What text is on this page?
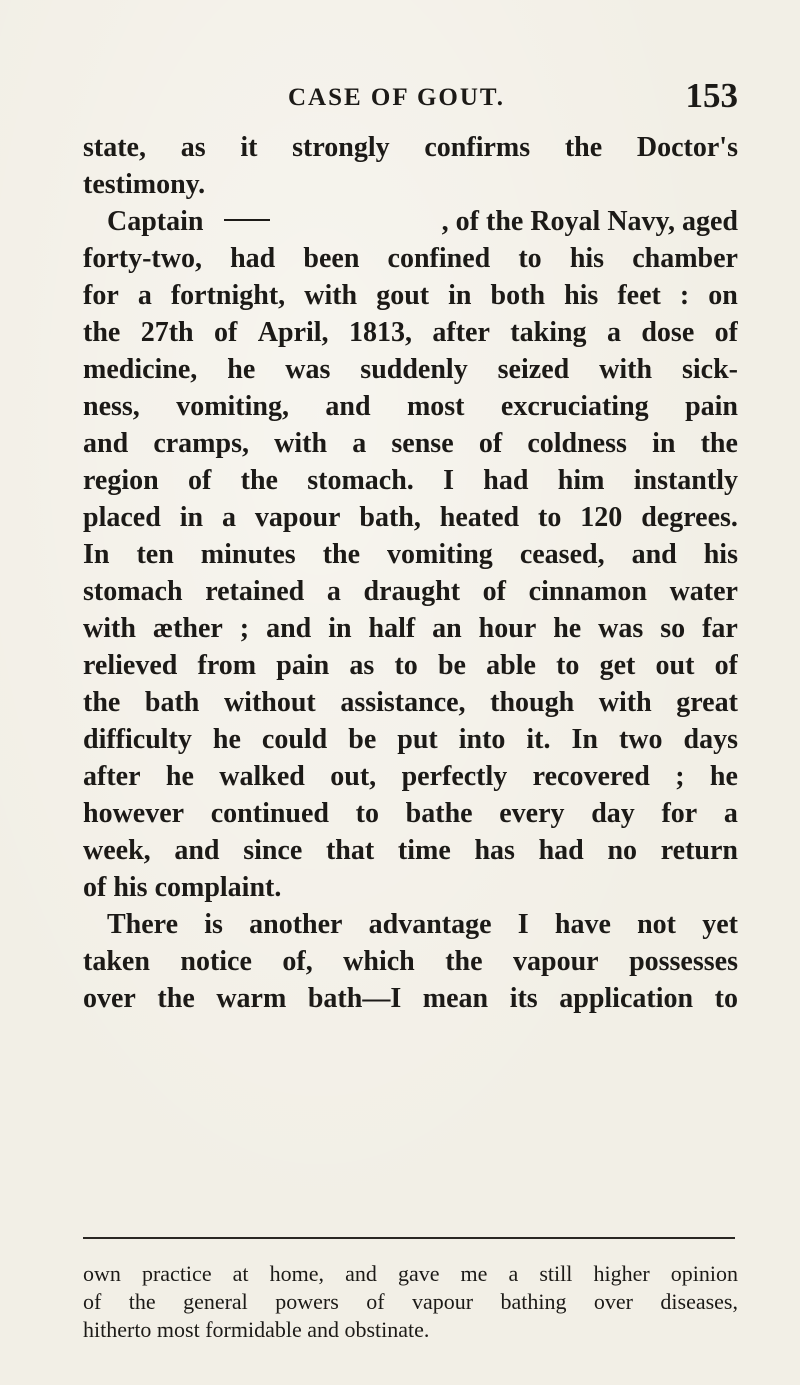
CASE OF GOUT.	153
state, as it strongly confirms the Doctor's
testimony.
Captain	, of the Royal Navy, aged
forty-two, had been confined to his chamber
for a fortnight, with gout in both his feet : on
the 27th of April, 1813, after taking a dose of
medicine, he was suddenly seized with sick-
ness, vomiting, and most excruciating pain
and cramps, with a sense of coldness in the
region of the stomach. I had him instantly
placed in a vapour bath, heated to 120 degrees.
In ten minutes the vomiting ceased, and his
stomach retained a draught of cinnamon water
with æther ; and in half an hour he was so far
relieved from pain as to be able to get out of
the bath without assistance, though with great
difficulty he could be put into it. In two days
after he walked out, perfectly recovered ; he
however continued to bathe every day for a
week, and since that time has had no return
of his complaint.
There is another advantage I have not yet
taken notice of, which the vapour possesses
over the warm bath—I mean its application to
own practice at home, and gave me a still higher opinion
of the general powers of vapour bathing over diseases,
hitherto most formidable and obstinate.
